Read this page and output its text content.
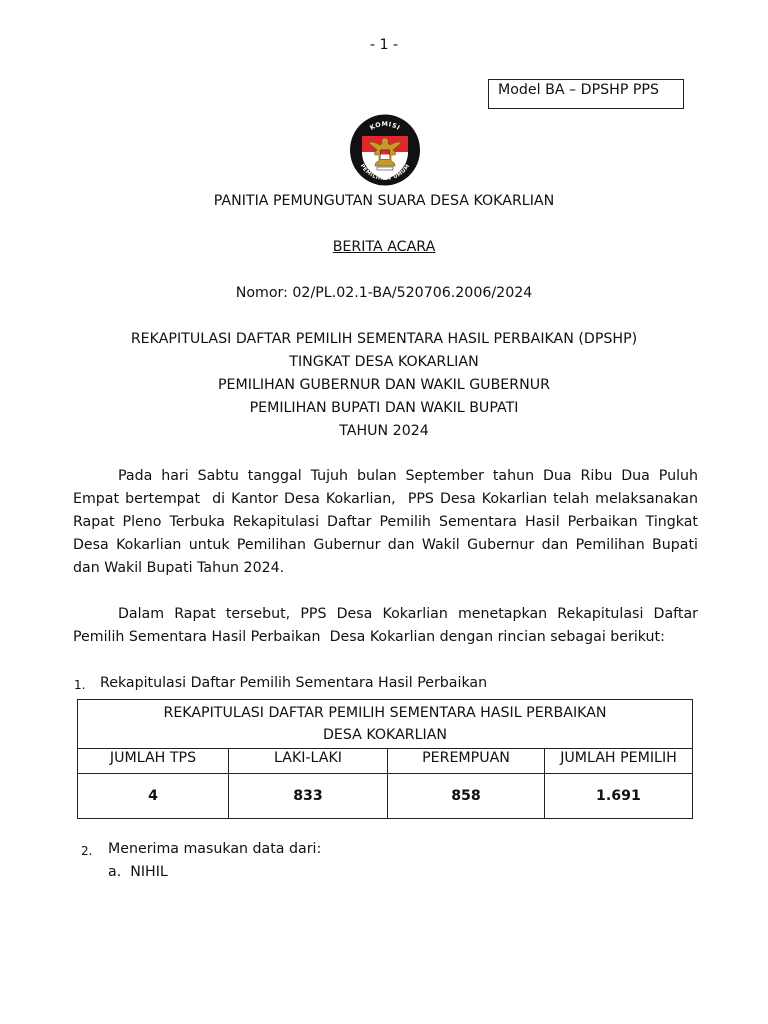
- 1 -
Model BA – DPSHP PPS
KOMISI
PEMILIHAN UMUM
PANITIA PEMUNGUTAN SUARA DESA KOKARLIAN
BERITA ACARA
Nomor: 02/PL.02.1-BA/520706.2006/2024
REKAPITULASI DAFTAR PEMILIH SEMENTARA HASIL PERBAIKAN (DPSHP)
TINGKAT DESA KOKARLIAN
PEMILIHAN GUBERNUR DAN WAKIL GUBERNUR
PEMILIHAN BUPATI DAN WAKIL BUPATI
TAHUN 2024

Pada hari Sabtu tanggal Tujuh bulan September tahun Dua Ribu Dua Puluh Empat bertempat  di Kantor Desa Kokarlian,  PPS Desa Kokarlian telah melaksanakan Rapat Pleno Terbuka Rekapitulasi Daftar Pemilih Sementara Hasil Perbaikan Tingkat Desa Kokarlian untuk Pemilihan Gubernur dan Wakil Gubernur dan Pemilihan Bupati dan Wakil Bupati Tahun 2024.

Dalam Rapat tersebut, PPS Desa Kokarlian menetapkan Rekapitulasi Daftar Pemilih Sementara Hasil Perbaikan  Desa Kokarlian dengan rincian sebagai berikut:

1. Rekapitulasi Daftar Pemilih Sementara Hasil Perbaikan
REKAPITULASI DAFTAR PEMILIH SEMENTARA HASIL PERBAIKAN
DESA KOKARLIAN			

JUMLAH TPS	LAKI-LAKI	PEREMPUAN	JUMLAH PEMILIH
4	833	858	1.691
2. Menerima masukan data dari:
a. NIHIL
